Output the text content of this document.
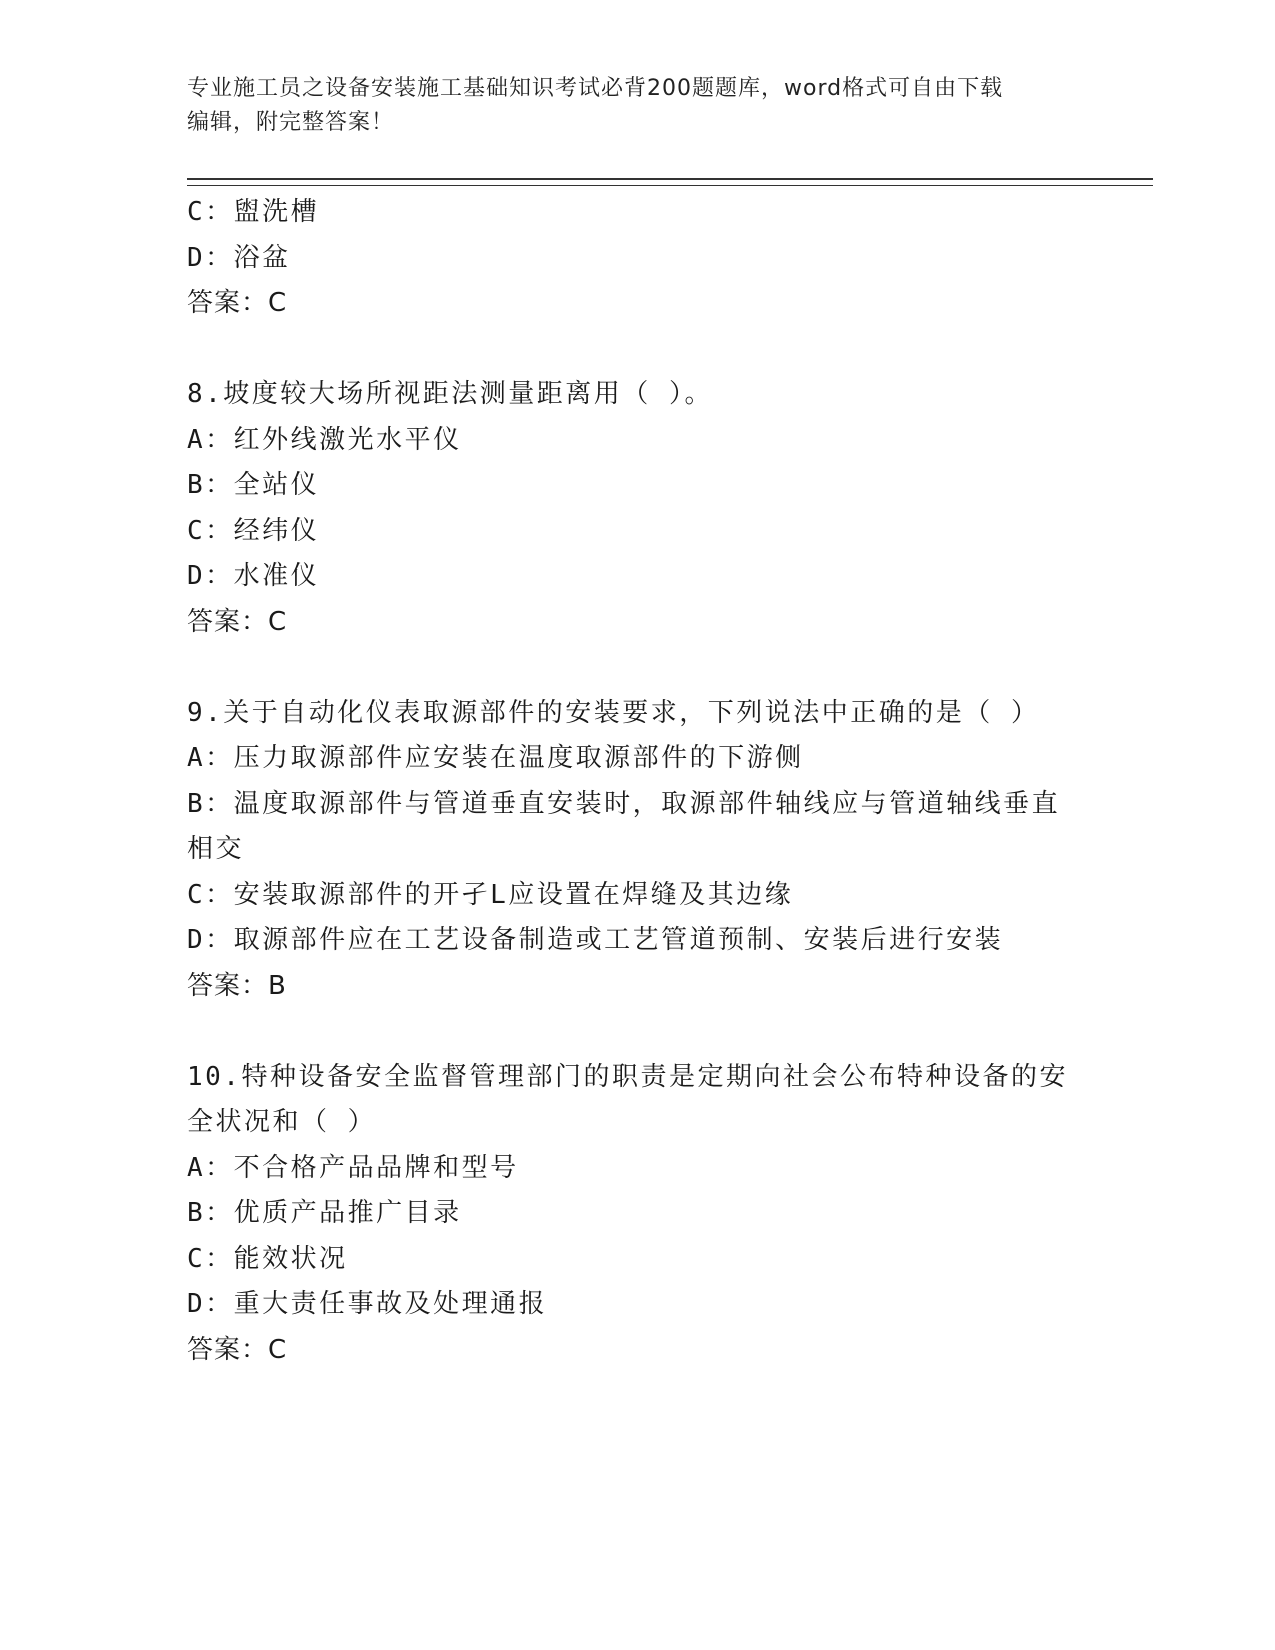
专业施工员之设备安装施工基础知识考试必背200题题库，word格式可自由下载
编辑，附完整答案！
C：盥洗槽
D：浴盆
答案：C
8.坡度较大场所视距法测量距离用（ ）。
A：红外线激光水平仪
B：全站仪
C：经纬仪
D：水准仪
答案：C
9.关于自动化仪表取源部件的安装要求，下列说法中正确的是（ ）
A：压力取源部件应安装在温度取源部件的下游侧
B：温度取源部件与管道垂直安装时，取源部件轴线应与管道轴线垂直
相交
C：安装取源部件的开孑L应设置在焊缝及其边缘
D：取源部件应在工艺设备制造或工艺管道预制、安装后进行安装
答案：B
10.特种设备安全监督管理部门的职责是定期向社会公布特种设备的安
全状况和（ ）
A：不合格产品品牌和型号
B：优质产品推广目录
C：能效状况
D：重大责任事故及处理通报
答案：C
